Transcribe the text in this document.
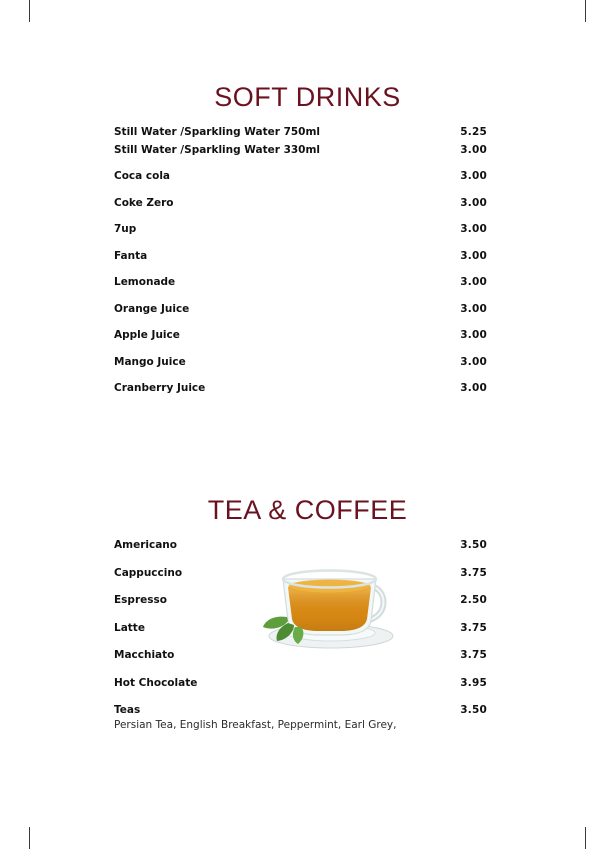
SOFT DRINKS
Still Water /Sparkling Water 750ml	5.25
Still Water /Sparkling Water 330ml	3.00
Coca cola	3.00
Coke Zero	3.00
7up	3.00
Fanta	3.00
Lemonade	3.00
Orange Juice	3.00
Apple Juice	3.00
Mango Juice	3.00
Cranberry Juice	3.00
TEA & COFFEE
Americano	3.50
Cappuccino	3.75
Espresso	2.50
Latte	3.75
Macchiato	3.75
Hot Chocolate	3.95
Teas	3.50
Persian Tea, English Breakfast, Peppermint, Earl Grey,
